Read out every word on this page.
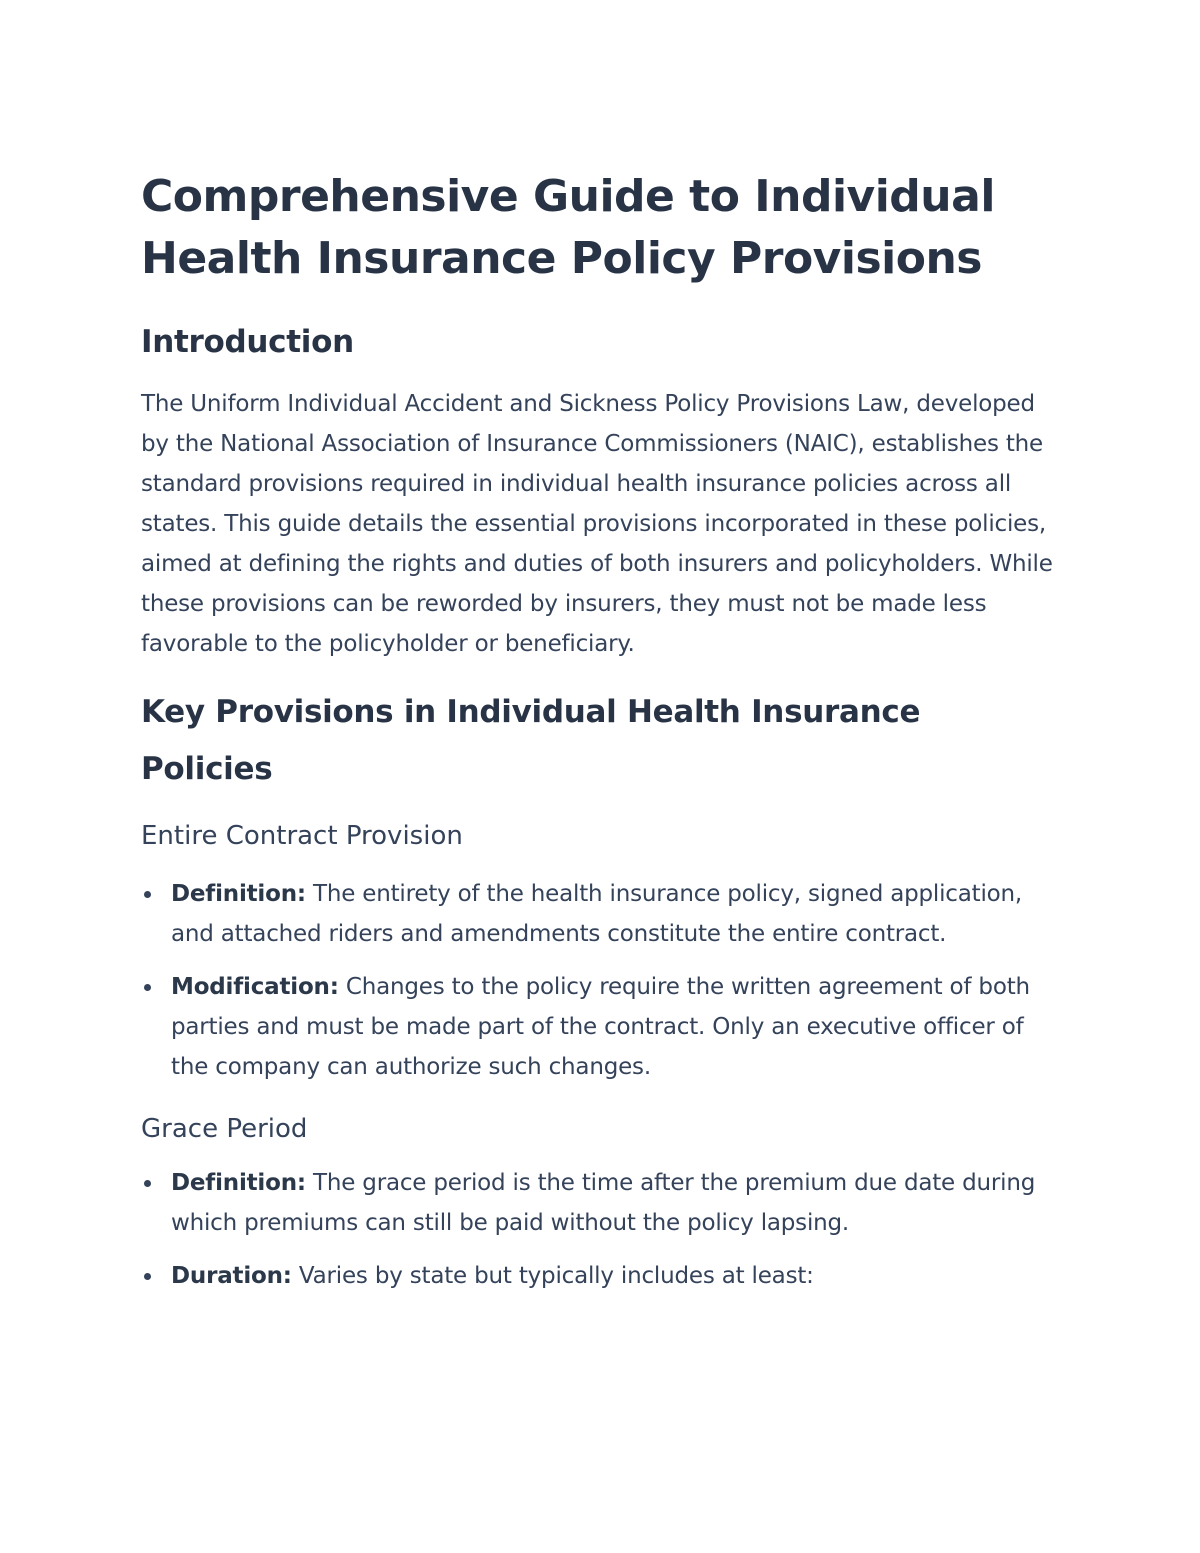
Comprehensive Guide to Individual Health Insurance Policy Provisions
Introduction

The Uniform Individual Accident and Sickness Policy Provisions Law, developed by the National Association of Insurance Commissioners (NAIC), establishes the standard provisions required in individual health insurance policies across all states. This guide details the essential provisions incorporated in these policies, aimed at defining the rights and duties of both insurers and policyholders. While these provisions can be reworded by insurers, they must not be made less favorable to the policyholder or beneficiary.

Key Provisions in Individual Health Insurance Policies
Entire Contract Provision
Definition: The entirety of the health insurance policy, signed application, and attached riders and amendments constitute the entire contract.
Modification: Changes to the policy require the written agreement of both parties and must be made part of the contract. Only an executive officer of the company can authorize such changes.
Grace Period
Definition: The grace period is the time after the premium due date during which premiums can still be paid without the policy lapsing.
Duration: Varies by state but typically includes at least:
